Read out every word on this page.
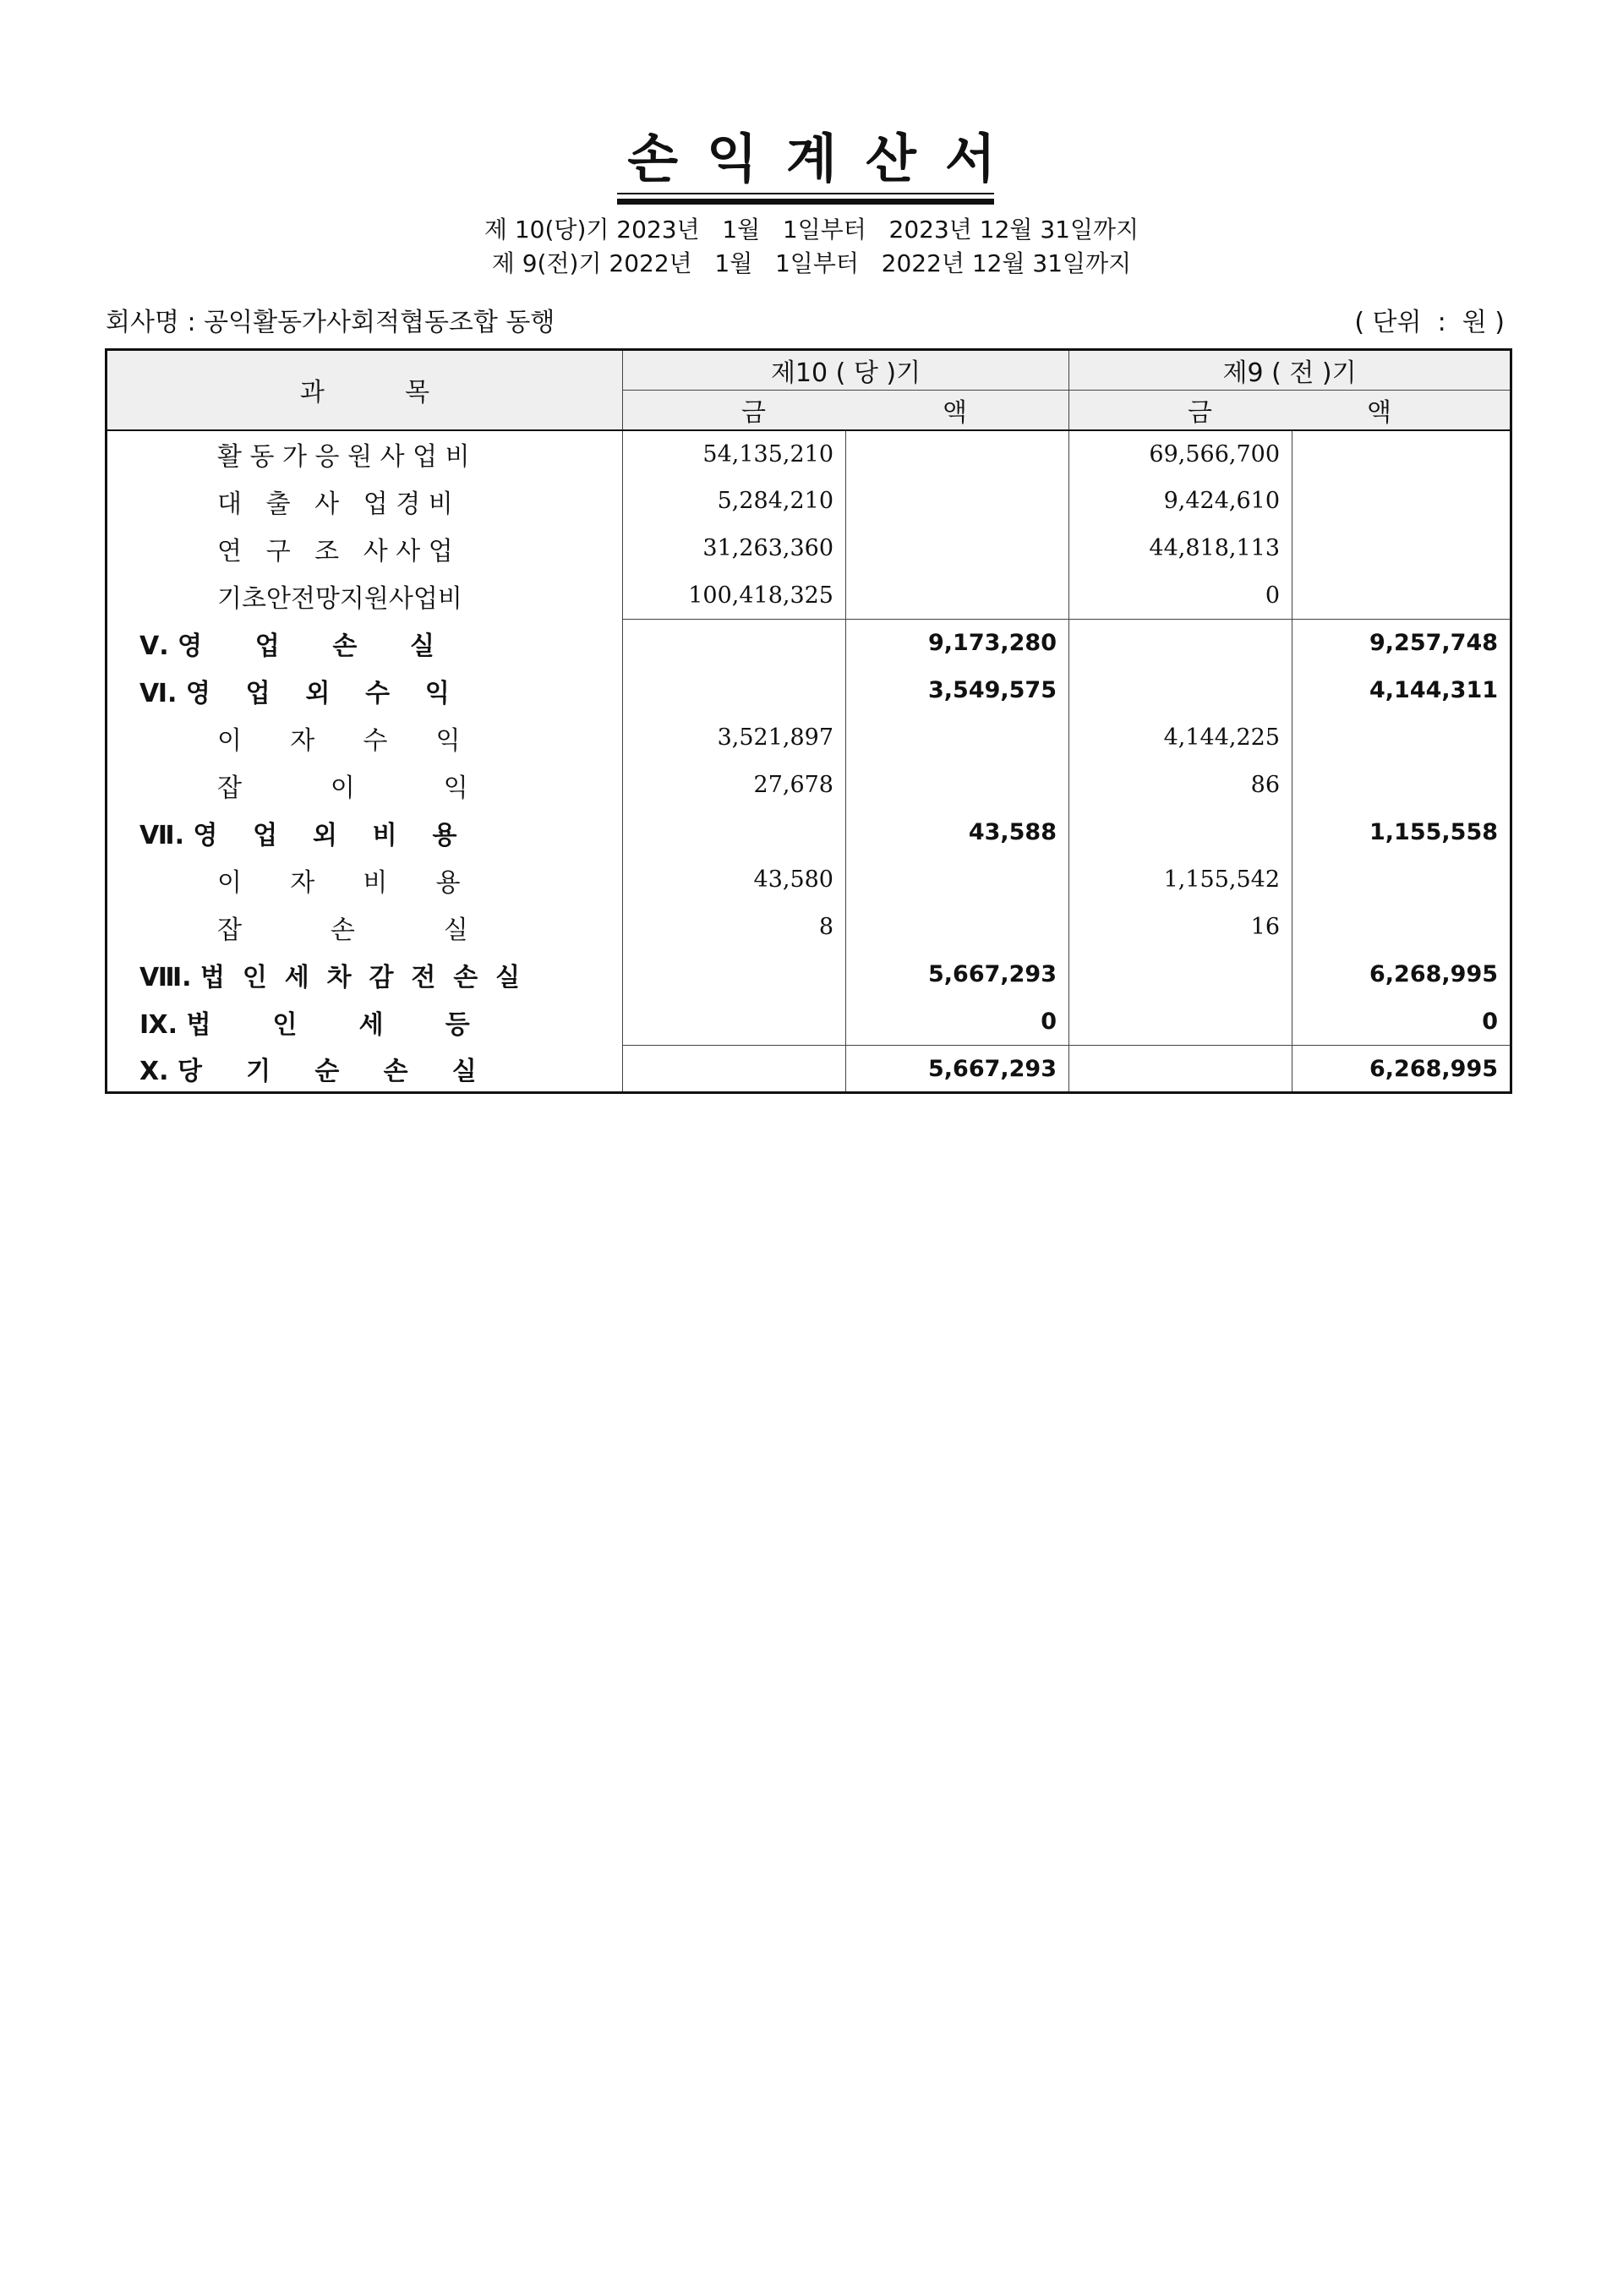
손익계산서
제 10(당)기 2023년   1월   1일부터   2023년 12월 31일까지
제 9(전)기 2022년   1월   1일부터   2022년 12월 31일까지
회사명 : 공익활동가사회적협동조합 동행	( 단위  :  원 )
과          목	제10 ( 당 )기		제9 ( 전 )기	

	금 액		금 액	

활 동 가 응 원 사 업 비	54,135,210		69,566,700	
대   출   사   업 경 비	5,284,210		9,424,610	
연   구   조   사 사 업	31,263,360		44,818,113	
기초안전망지원사업비	100,418,325		0	
Ⅴ. 영      업      손      실		9,173,280		9,257,748
Ⅵ. 영    업    외    수    익		3,549,575		4,144,311
이      자      수      익	3,521,897		4,144,225	
잡           이           익	27,678		86	
Ⅶ. 영    업    외    비    용		43,588		1,155,558
이      자      비      용	43,580		1,155,542	
잡           손           실	8		16	
Ⅷ. 법  인  세  차  감  전  손  실		5,667,293		6,268,995
Ⅸ. 법       인       세       등		0		0
Ⅹ. 당     기     순     손     실		5,667,293		6,268,995
